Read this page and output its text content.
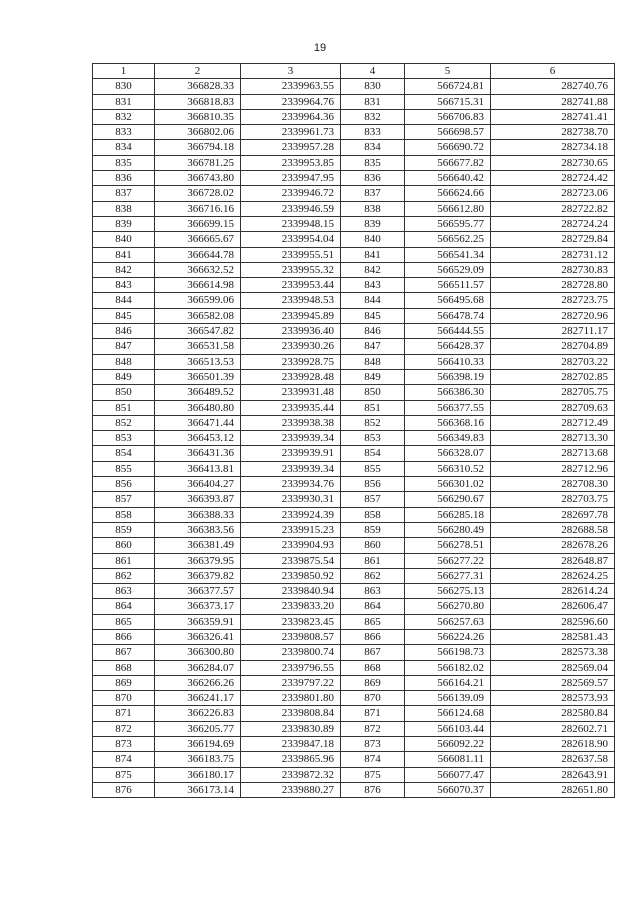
19
1	2	3	4	5	6
830	366828.33	2339963.55	830	566724.81	282740.76
831	366818.83	2339964.76	831	566715.31	282741.88
832	366810.35	2339964.36	832	566706.83	282741.41
833	366802.06	2339961.73	833	566698.57	282738.70
834	366794.18	2339957.28	834	566690.72	282734.18
835	366781.25	2339953.85	835	566677.82	282730.65
836	366743.80	2339947.95	836	566640.42	282724.42
837	366728.02	2339946.72	837	566624.66	282723.06
838	366716.16	2339946.59	838	566612.80	282722.82
839	366699.15	2339948.15	839	566595.77	282724.24
840	366665.67	2339954.04	840	566562.25	282729.84
841	366644.78	2339955.51	841	566541.34	282731.12
842	366632.52	2339955.32	842	566529.09	282730.83
843	366614.98	2339953.44	843	566511.57	282728.80
844	366599.06	2339948.53	844	566495.68	282723.75
845	366582.08	2339945.89	845	566478.74	282720.96
846	366547.82	2339936.40	846	566444.55	282711.17
847	366531.58	2339930.26	847	566428.37	282704.89
848	366513.53	2339928.75	848	566410.33	282703.22
849	366501.39	2339928.48	849	566398.19	282702.85
850	366489.52	2339931.48	850	566386.30	282705.75
851	366480.80	2339935.44	851	566377.55	282709.63
852	366471.44	2339938.38	852	566368.16	282712.49
853	366453.12	2339939.34	853	566349.83	282713.30
854	366431.36	2339939.91	854	566328.07	282713.68
855	366413.81	2339939.34	855	566310.52	282712.96
856	366404.27	2339934.76	856	566301.02	282708.30
857	366393.87	2339930.31	857	566290.67	282703.75
858	366388.33	2339924.39	858	566285.18	282697.78
859	366383.56	2339915.23	859	566280.49	282688.58
860	366381.49	2339904.93	860	566278.51	282678.26
861	366379.95	2339875.54	861	566277.22	282648.87
862	366379.82	2339850.92	862	566277.31	282624.25
863	366377.57	2339840.94	863	566275.13	282614.24
864	366373.17	2339833.20	864	566270.80	282606.47
865	366359.91	2339823.45	865	566257.63	282596.60
866	366326.41	2339808.57	866	566224.26	282581.43
867	366300.80	2339800.74	867	566198.73	282573.38
868	366284.07	2339796.55	868	566182.02	282569.04
869	366266.26	2339797.22	869	566164.21	282569.57
870	366241.17	2339801.80	870	566139.09	282573.93
871	366226.83	2339808.84	871	566124.68	282580.84
872	366205.77	2339830.89	872	566103.44	282602.71
873	366194.69	2339847.18	873	566092.22	282618.90
874	366183.75	2339865.96	874	566081.11	282637.58
875	366180.17	2339872.32	875	566077.47	282643.91
876	366173.14	2339880.27	876	566070.37	282651.80
